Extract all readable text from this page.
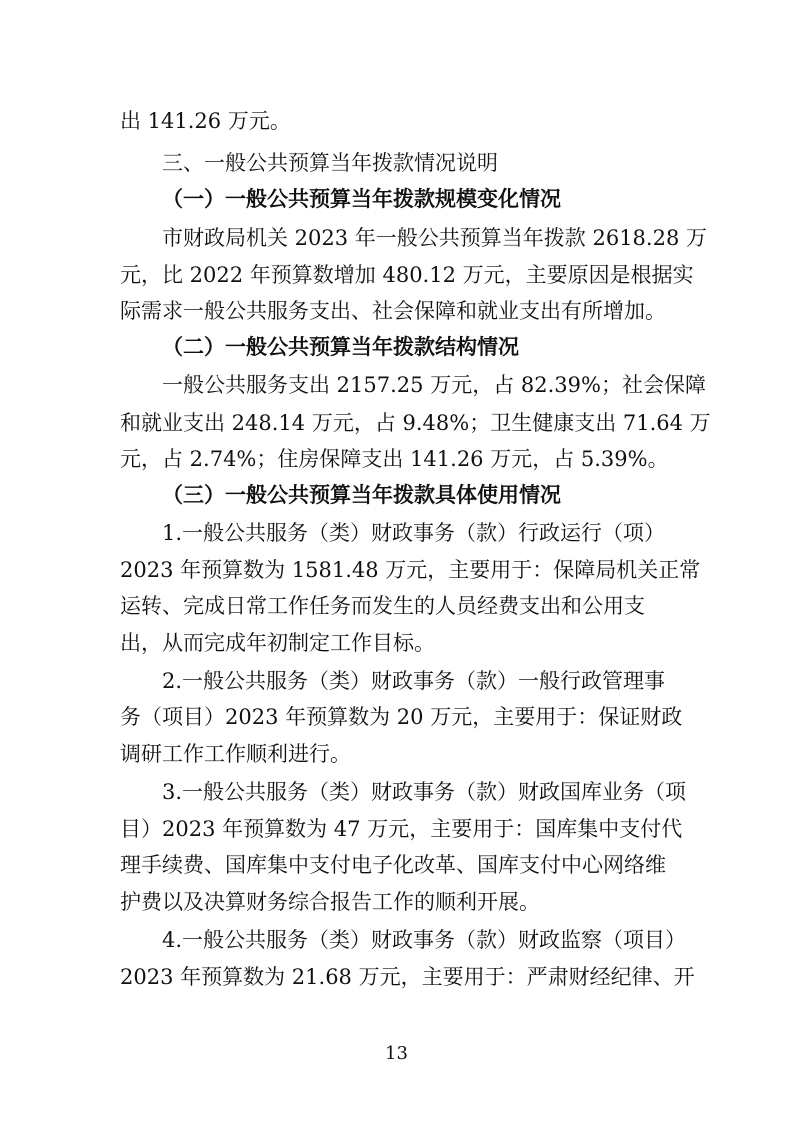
出 141.26 万元。
三、一般公共预算当年拨款情况说明
（一）一般公共预算当年拨款规模变化情况
市财政局机关 2023 年一般公共预算当年拨款 2618.28 万
元，比 2022 年预算数增加 480.12 万元，主要原因是根据实
际需求一般公共服务支出、社会保障和就业支出有所增加。
（二）一般公共预算当年拨款结构情况
一般公共服务支出 2157.25 万元，占 82.39%；社会保障
和就业支出 248.14 万元，占 9.48%；卫生健康支出 71.64 万
元，占 2.74%；住房保障支出 141.26 万元，占 5.39%。
（三）一般公共预算当年拨款具体使用情况
1.一般公共服务（类）财政事务（款）行政运行（项）
2023 年预算数为 1581.48 万元，主要用于：保障局机关正常
运转、完成日常工作任务而发生的人员经费支出和公用支
出，从而完成年初制定工作目标。
2.一般公共服务（类）财政事务（款）一般行政管理事
务（项目）2023 年预算数为 20 万元，主要用于：保证财政
调研工作工作顺利进行。
3.一般公共服务（类）财政事务（款）财政国库业务（项
目）2023 年预算数为 47 万元，主要用于：国库集中支付代
理手续费、国库集中支付电子化改革、国库支付中心网络维
护费以及决算财务综合报告工作的顺利开展。
4.一般公共服务（类）财政事务（款）财政监察（项目）
2023 年预算数为 21.68 万元，主要用于：严肃财经纪律、开
13
